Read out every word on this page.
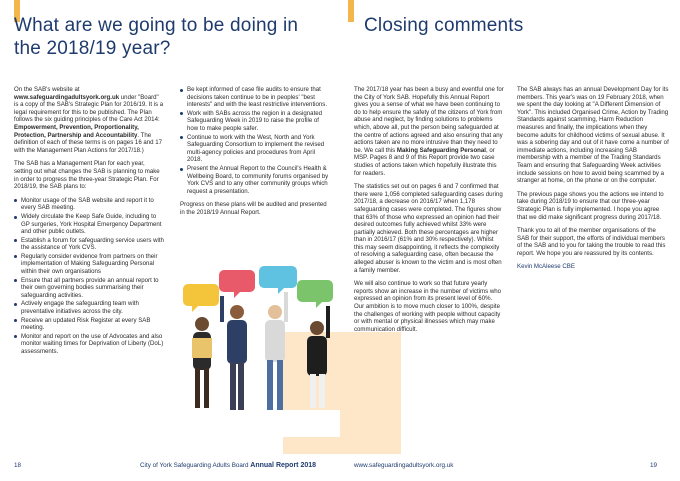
What are we going to be doing in the 2018/19 year?

On the SAB's website at www.safeguardingadultsyork.org.uk under "Board" is a copy of the SAB's Strategic Plan for 2016/19. It is a legal requirement for this to be published. The Plan follows the six guiding principles of the Care Act 2014: Empowerment, Prevention, Proportionality, Protection, Partnership and Accountability. The definition of each of these terms is on pages 16 and 17 with the Management Plan Actions for 2017/18.)

The SAB has a Management Plan for each year, setting out what changes the SAB is planning to make in order to progress the three-year Strategic Plan. For 2018/19, the SAB plans to:

Monitor usage of the SAB website and report it to every SAB meeting.
Widely circulate the Keep Safe Guide, including to GP surgeries, York Hospital Emergency Department and other public outlets.
Establish a forum for safeguarding service users with the assistance of York CVS.
Regularly consider evidence from partners on their implementation of Making Safeguarding Personal within their own organisations
Ensure that all partners provide an annual report to their own governing bodies summarising their safeguarding activities.
Actively engage the safeguarding team with preventative initiatives across the city.
Receive an updated Risk Register at every SAB meeting.
Monitor and report on the use of Advocates and also monitor waiting times for Deprivation of Liberty (DoL) assessments.
Be kept informed of case file audits to ensure that decisions taken continue to be in peoples' "best interests" and with the least restrictive interventions.
Work with SABs across the region in a designated Safeguarding Week in 2019 to raise the profile of how to make people safer.
Continue to work with the West, North and York Safeguarding Consortium to implement the revised multi-agency policies and procedures from April 2018.
Present the Annual Report to the Council's Health & Wellbeing Board, to community forums organised by York CVS and to any other community groups which request a presentation.

Progress on these plans will be audited and presented in the 2018/19 Annual Report.

18	City of York Safeguarding Adults Board Annual Report 2018
Closing comments
www.safeguardingadultsyork.org.uk	19

The 2017/18 year has been a busy and eventful one for the City of York SAB. Hopefully this Annual Report gives you a sense of what we have been continuing to do to help ensure the safety of the citizens of York from abuse and neglect, by finding solutions to problems which, above all, put the person being safeguarded at the centre of actions agreed and also ensuring that any actions taken are no more intrusive than they need to be. We call this Making Safeguarding Personal, or MSP. Pages 8 and 9 of this Report provide two case studies of actions taken which hopefully illustrate this for readers.

The statistics set out on pages 6 and 7 confirmed that there were 1,056 completed safeguarding cases during 2017/18, a decrease on 2016/17 when 1,178 safeguarding cases were completed. The figures show that 63% of those who expressed an opinion had their desired outcomes fully achieved whilst 33% were partially achieved. Both these percentages are higher than in 2016/17 (61% and 30% respectively). Whilst this may seem disappointing, it reflects the complexity of resolving a safeguarding case, often because the alleged abuser is known to the victim and is most often a family member.

We will also continue to work so that future yearly reports show an increase in the number of victims who expressed an opinion from its present level of 60%. Our ambition is to move much closer to 100%, despite the challenges of working with people without capacity or with mental or physical illnesses which may make communication difficult.

The SAB always has an annual Development Day for its members. This year's was on 19 February 2018, when we spent the day looking at "A Different Dimension of York". This included Organised Crime, Action by Trading Standards against scamming, Harm Reduction measures and finally, the implications when they become adults for childhood victims of sexual abuse. It was a sobering day and out of it have come a number of immediate actions, including increasing SAB membership with a member of the Trading Standards Team and ensuring that Safeguarding Week activities include sessions on how to avoid being scammed by a stranger at home, on the phone or on the computer.

The previous page shows you the actions we intend to take during 2018/19 to ensure that our three-year Strategic Plan is fully implemented. I hope you agree that we did make significant progress during 2017/18.

Thank you to all of the member organisations of the SAB for their support, the efforts of individual members of the SAB and to you for taking the trouble to read this report. We hope you are reassured by its contents.

Kevin McAleese CBE
